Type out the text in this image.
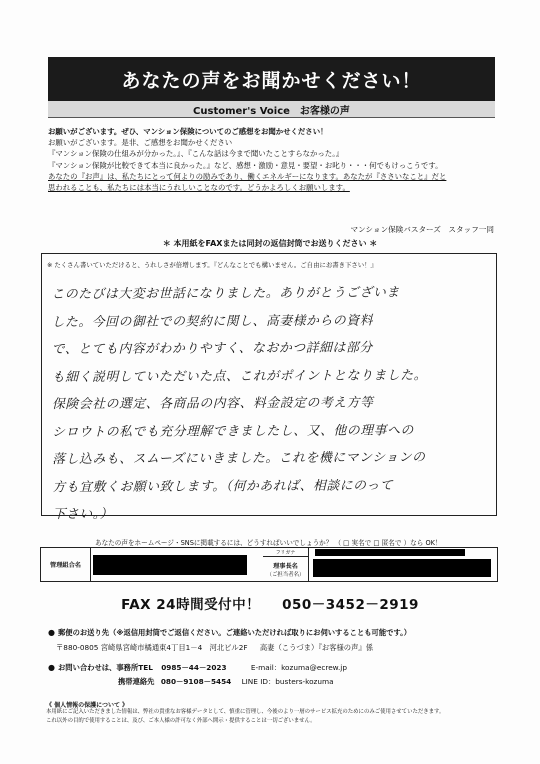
あなたの声をお聞かせください！
Customer's Voice　お客様の声
お願いがございます。ぜひ、マンション保険についてのご感想をお聞かせください！
お願いがございます。是非、ご感想をお聞かせください
『マンション保険の仕組みが分かった。』、『こんな話は今まで聞いたことすらなかった。』
『マンション保険が比較できて本当に良かった。』など、感想・激励・意見・要望・お叱り・・・何でもけっこうです。
あなたの『お声』は、私たちにとって何よりの励みであり、働くエネルギーになります。あなたが『ささいなこと』だと
思われることも、私たちには本当にうれしいことなのです。どうかよろしくお願いします。
マンション保険バスターズ　スタッフ一同
＊ 本用紙をFAXまたは同封の返信封筒でお送りください ＊
※ たくさん書いていただけると、うれしさが倍増します。『どんなことでも構いません。ご自由にお書き下さい！』
このたびは大変お世話になりました。ありがとうございま
した。今回の御社での契約に関し、高妻様からの資料
で、とても内容がわかりやすく、なおかつ詳細は部分
も細く説明していただいた点、これがポイントとなりました。
保険会社の選定、各商品の内容、料金設定の考え方等
シロウトの私でも充分理解できましたし、又、他の理事への
落し込みも、スムーズにいきました。これを機にマンションの
方も宜敷くお願い致します。（何かあれば、相談にのって
下さい。）
あなたの声をホームページ・SNSに掲載するには、どうすればいいでしょうか？ （ □ 実名で □ 匿名で ）なら OK！
管理組合名
フリガナ
理事長名
（ご担当者名）
FAX 24時間受付中！ 050－3452－2919
● 郵便のお送り先（※返信用封筒でご返信ください。ご連絡いただければ取りにお伺いすることも可能です。）
〒880-0805 宮崎県宮崎市橘通東4丁目1－4　河北ビル2F 高妻（こうづま）『お客様の声』係
● お問い合わせは、事務所TEL 0985－44－2023	E-mail：kozuma@ecrew.jp
携帯連絡先 080－9108－5454 LINE ID：busters-kozuma
《 個人情報の保護について 》
本用紙にご記入いただきました情報は、弊社の貴重なお客様データとして、慎重に管理し、今後のより一層のサービス拡充のためにのみご使用させていただきます。
これ以外の目的で使用することは、及び、ご本人様の許可なく外部へ開示・提供することは一切ございません。
